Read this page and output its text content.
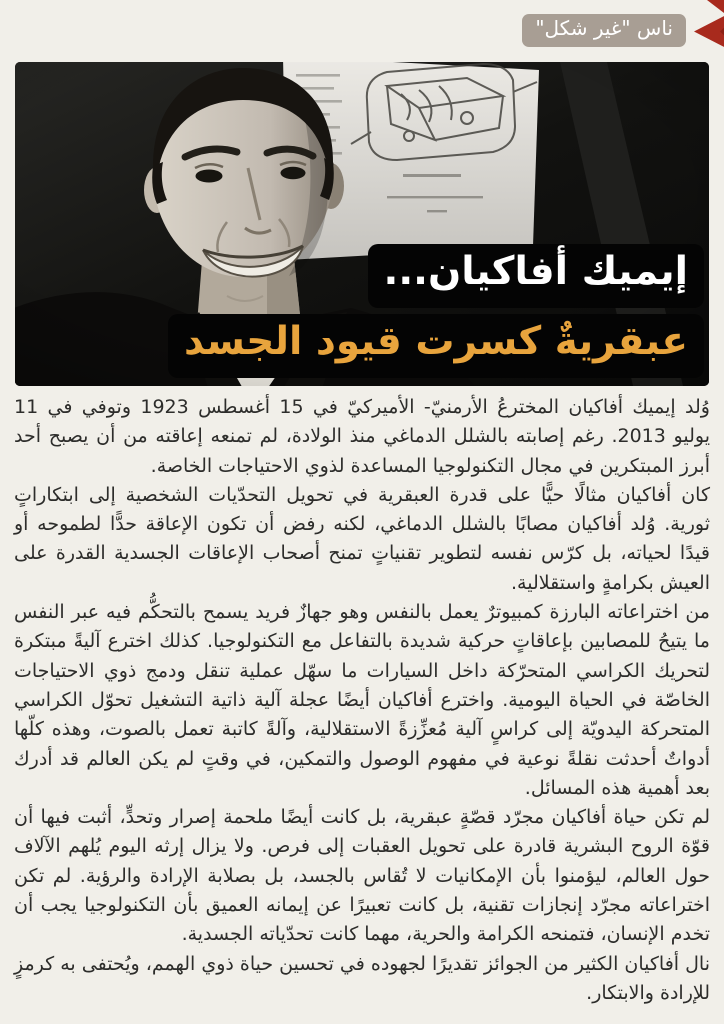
ناس "غير شكل"
إيميك أفاكيان...
عبقريةٌ كسرت قيود الجسد

وُلد إيميك أفاكيان المخترعُ الأرمنيّ- الأميركيّ في 15 أغسطس 1923 وتوفي في 11 يوليو 2013. رغم إصابته بالشلل الدماغي منذ الولادة، لم تمنعه إعاقته من أن يصبح أحد أبرز المبتكرين في مجال التكنولوجيا المساعدة لذوي الاحتياجات الخاصة.

كان أفاكيان مثالًا حيًّا على قدرة العبقرية في تحويل التحدّيات الشخصية إلى ابتكاراتٍ ثورية. وُلد أفاكيان مصابًا بالشلل الدماغي، لكنه رفض أن تكون الإعاقة حدًّا لطموحه أو قيدًا لحياته، بل كرّس نفسه لتطوير تقنياتٍ تمنح أصحاب الإعاقات الجسدية القدرة على العيش بكرامةٍ واستقلالية.

من اختراعاته البارزة كمبيوترٌ يعمل بالنفس وهو جهازٌ فريد يسمح بالتحكُّم فيه عبر النفس ما يتيحُ للمصابين بإعاقاتٍ حركية شديدة بالتفاعل مع التكنولوجيا. كذلك اخترع آليةً مبتكرة لتحريك الكراسي المتحرّكة داخل السيارات ما سهّل عملية تنقل ودمج ذوي الاحتياجات الخاصّة في الحياة اليومية. واخترع أفاكيان أيضًا عجلة آلية ذاتية التشغيل تحوّل الكراسي المتحركة اليدويّة إلى كراسٍ آلية مُعزِّزةً الاستقلالية، وآلةً كاتبة تعمل بالصوت، وهذه كلّها أدواتٌ أحدثت نقلةً نوعية في مفهوم الوصول والتمكين، في وقتٍ لم يكن العالم قد أدرك بعد أهمية هذه المسائل.

لم تكن حياة أفاكيان مجرّد قصّةٍ عبقرية، بل كانت أيضًا ملحمة إصرار وتحدٍّ، أثبت فيها أن قوّة الروح البشرية قادرة على تحويل العقبات إلى فرص. ولا يزال إرثه اليوم يُلهم الآلاف حول العالم، ليؤمنوا بأن الإمكانيات لا تُقاس بالجسد، بل بصلابة الإرادة والرؤية. لم تكن اختراعاته مجرّد إنجازات تقنية، بل كانت تعبيرًا عن إيمانه العميق بأن التكنولوجيا يجب أن تخدم الإنسان، فتمنحه الكرامة والحرية، مهما كانت تحدّياته الجسدية.

نال أفاكيان الكثير من الجوائز تقديرًا لجهوده في تحسين حياة ذوي الهمم، ويُحتفى به كرمزٍ للإرادة والابتكار.
